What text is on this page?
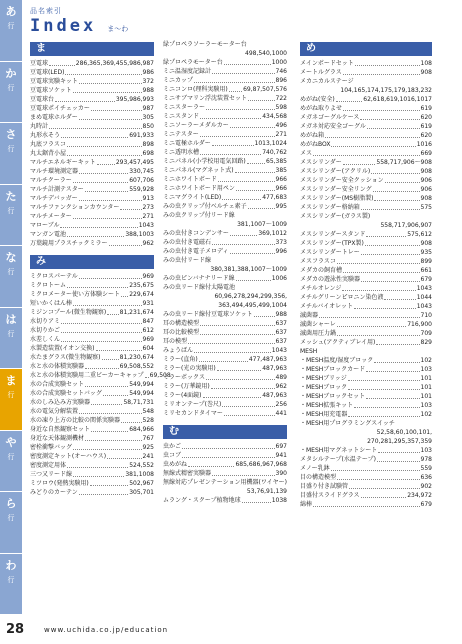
あ
行
か
行
さ
行
た
行
な
行
は
行
ま
行
や
行
ら
行
わ
行
品名索引
Index ま〜わ
ま
豆電球	286,365,369,455,986,987
豆電球(LED)	986
豆電球実験キット	372
豆電球ソケット	988
豆電球台	395,986,993
豆電球ポイチェッカー	987
まめ電球ホルダー	305
丸時計	850
丸形水そう	691,933
丸底フラスコ	898
丸太鋸背小屋	698
マルチエネルギーキット	293,457,495
マルチ環境測定器	330,745
マルチクーラー	607,706
マルチ計測テスター	559,928
マルチデバッガー	913
マルチファンクションカウンター	273
マルチメーター	271
マローブル	1043
マンガン電池	388,1003
万葉鏡用プラスチックミラー	962
み
ミクロスパーテル	969
ミクロトーム	235,675
ミクロメーター使い方体験シート 229,674
短いかくはん棒	931
ミジンコプール(微生物観察) 81,231,674
水切りアミ	847
水切りかご	612
水差しくん	969
水製造装置(イオン交換)	604
水たまグラス(微生物観察)	81,230,674
水と水の体積実験器	69,508,552
水と水の体積実験用二重ビーカーキャップ 69,508
水の合成実験セット	549,994
水の合成実験セットバッグ	549,994
水のしみ込み方実験器	58,71,731
水の電気分解装置	548
水の凍り上方の比較の関係実験器	528
身近な自然観察セット	684,966
身近な天体観測機材	767
密栓衝撃バッグ	925
密度測定キット(オーハウス)	241
密度測定用体	524,552
三つ又リード線	381,1008
ミツロウ(発熱実験用)	502,967
みどりのカーテン	305,701
緑プロペラソーラーモーター台
498,540,1000
緑プロペラモーター台	1000
ミニ温湿度記録計	746
ミニカップ	896
ミニコンロ(理科実験用)	69,87,507,576
ミニサブマリン浮沈装置セット	722
ミニスターラー	598
ミニスタンド	434,568
ミニソーラーメダルカー	496
ミニテスター	271
ミニ電極ホルダー	1013,1024
ミニ透明水槽	740,762
ミニパネル(小学校用電気回路)	65,385
ミニパネル(マグネット式)	385
ミニホワイトボード	966
ミニホワイトボード用ペン	966
ミニマグライト(LED)	477,683
みの虫クリップ付ベルチェ素子	995
みの虫クリップ付リード線
381,1007〜1009
みの虫付きコンデンサー	369,1012
みの虫付き電磁石	373
みの虫付き電子メロディ	996
みの虫付リード線
380,381,388,1007〜1009
みの虫ピンバナナリード線	1006
みの虫リード線付太陽電池
60,96,278,294,299,356,
363,494,495,499,1004
みの虫リード線付豆電球ソケット	988
耳の構造模型	637
耳の比較模型	637
耳の模型	637
みょうばん	1043
ミラー(直角)	477,487,963
ミラー(光の実験用)	487,963
ミラーボックス	489
ミラー(万華鏡用)	962
ミラー(4面鏡)	487,963
ミリオンテープ(巻尺)	256
ミリセカンドタイマー	441
む
虫かご	697
虫コブ	941
虫めがね	685,686,967,968
無線式精密実験器	390
無線対応プレゼンテーション用機器(ワイヤー)
53,76,91,139
ムラング・スクープ植物地球	1038
め
メインボードセット	108
メートルグラス	908
メカニカルステージ
104,165,174,175,179,183,232
めがね(安全)	62,618,619,1016,1017
めがね取りよせ	619
メガネゴーグルケース	620
メガネ対応安全ゴーグル	619
めがね箱	620
めがねBOX	1016
メス	669
メスシリンダー	558,717,906〜908
メスシリンダー(アクリル)	908
メスシリンダー安全クッション	906
メスシリンダー安全リング	906
メスシリンダー(MS樹脂製)	908
メスシリンダー格納箱	575
メスシリンダー(ガラス製)
558,717,906,907
メスシリンダースタンド	575,612
メスシリンダー(TPX製)	908
メスシリンダートレー	935
メスフラスコ	899
メダカの飼育槽	661
メダカの遊泳性実験器	679
メチルオレンジ	1043
メチルグリーンピロニン染色液	1044
メチルバイオレット	1043
滅菌器	710
滅菌シャーレ	716,900
滅菌用圧力鍋	709
メッシュ(アクティブレイ用)	829
MESH
・MESH温度/湿度ブロック	102
・MESHブロックカード	103
・MESHブリッジ	101
・MESHブロック	101
・MESHブロックセット	101
・MESH拡張キット	103
・MESH用充電器	102
・MESH用プログラミングスイッチ
52,58,60,100,101,
270,281,295,357,359
・MESH用マグネットシート	103
メタシルテープ(水温テープ)	978
メノー乳鉢	559
目の構造模型	636
目盛り付き試験管	902
目盛付スライドグラス	234,972
綿棒	679
28	www.uchida.co.jp/education
